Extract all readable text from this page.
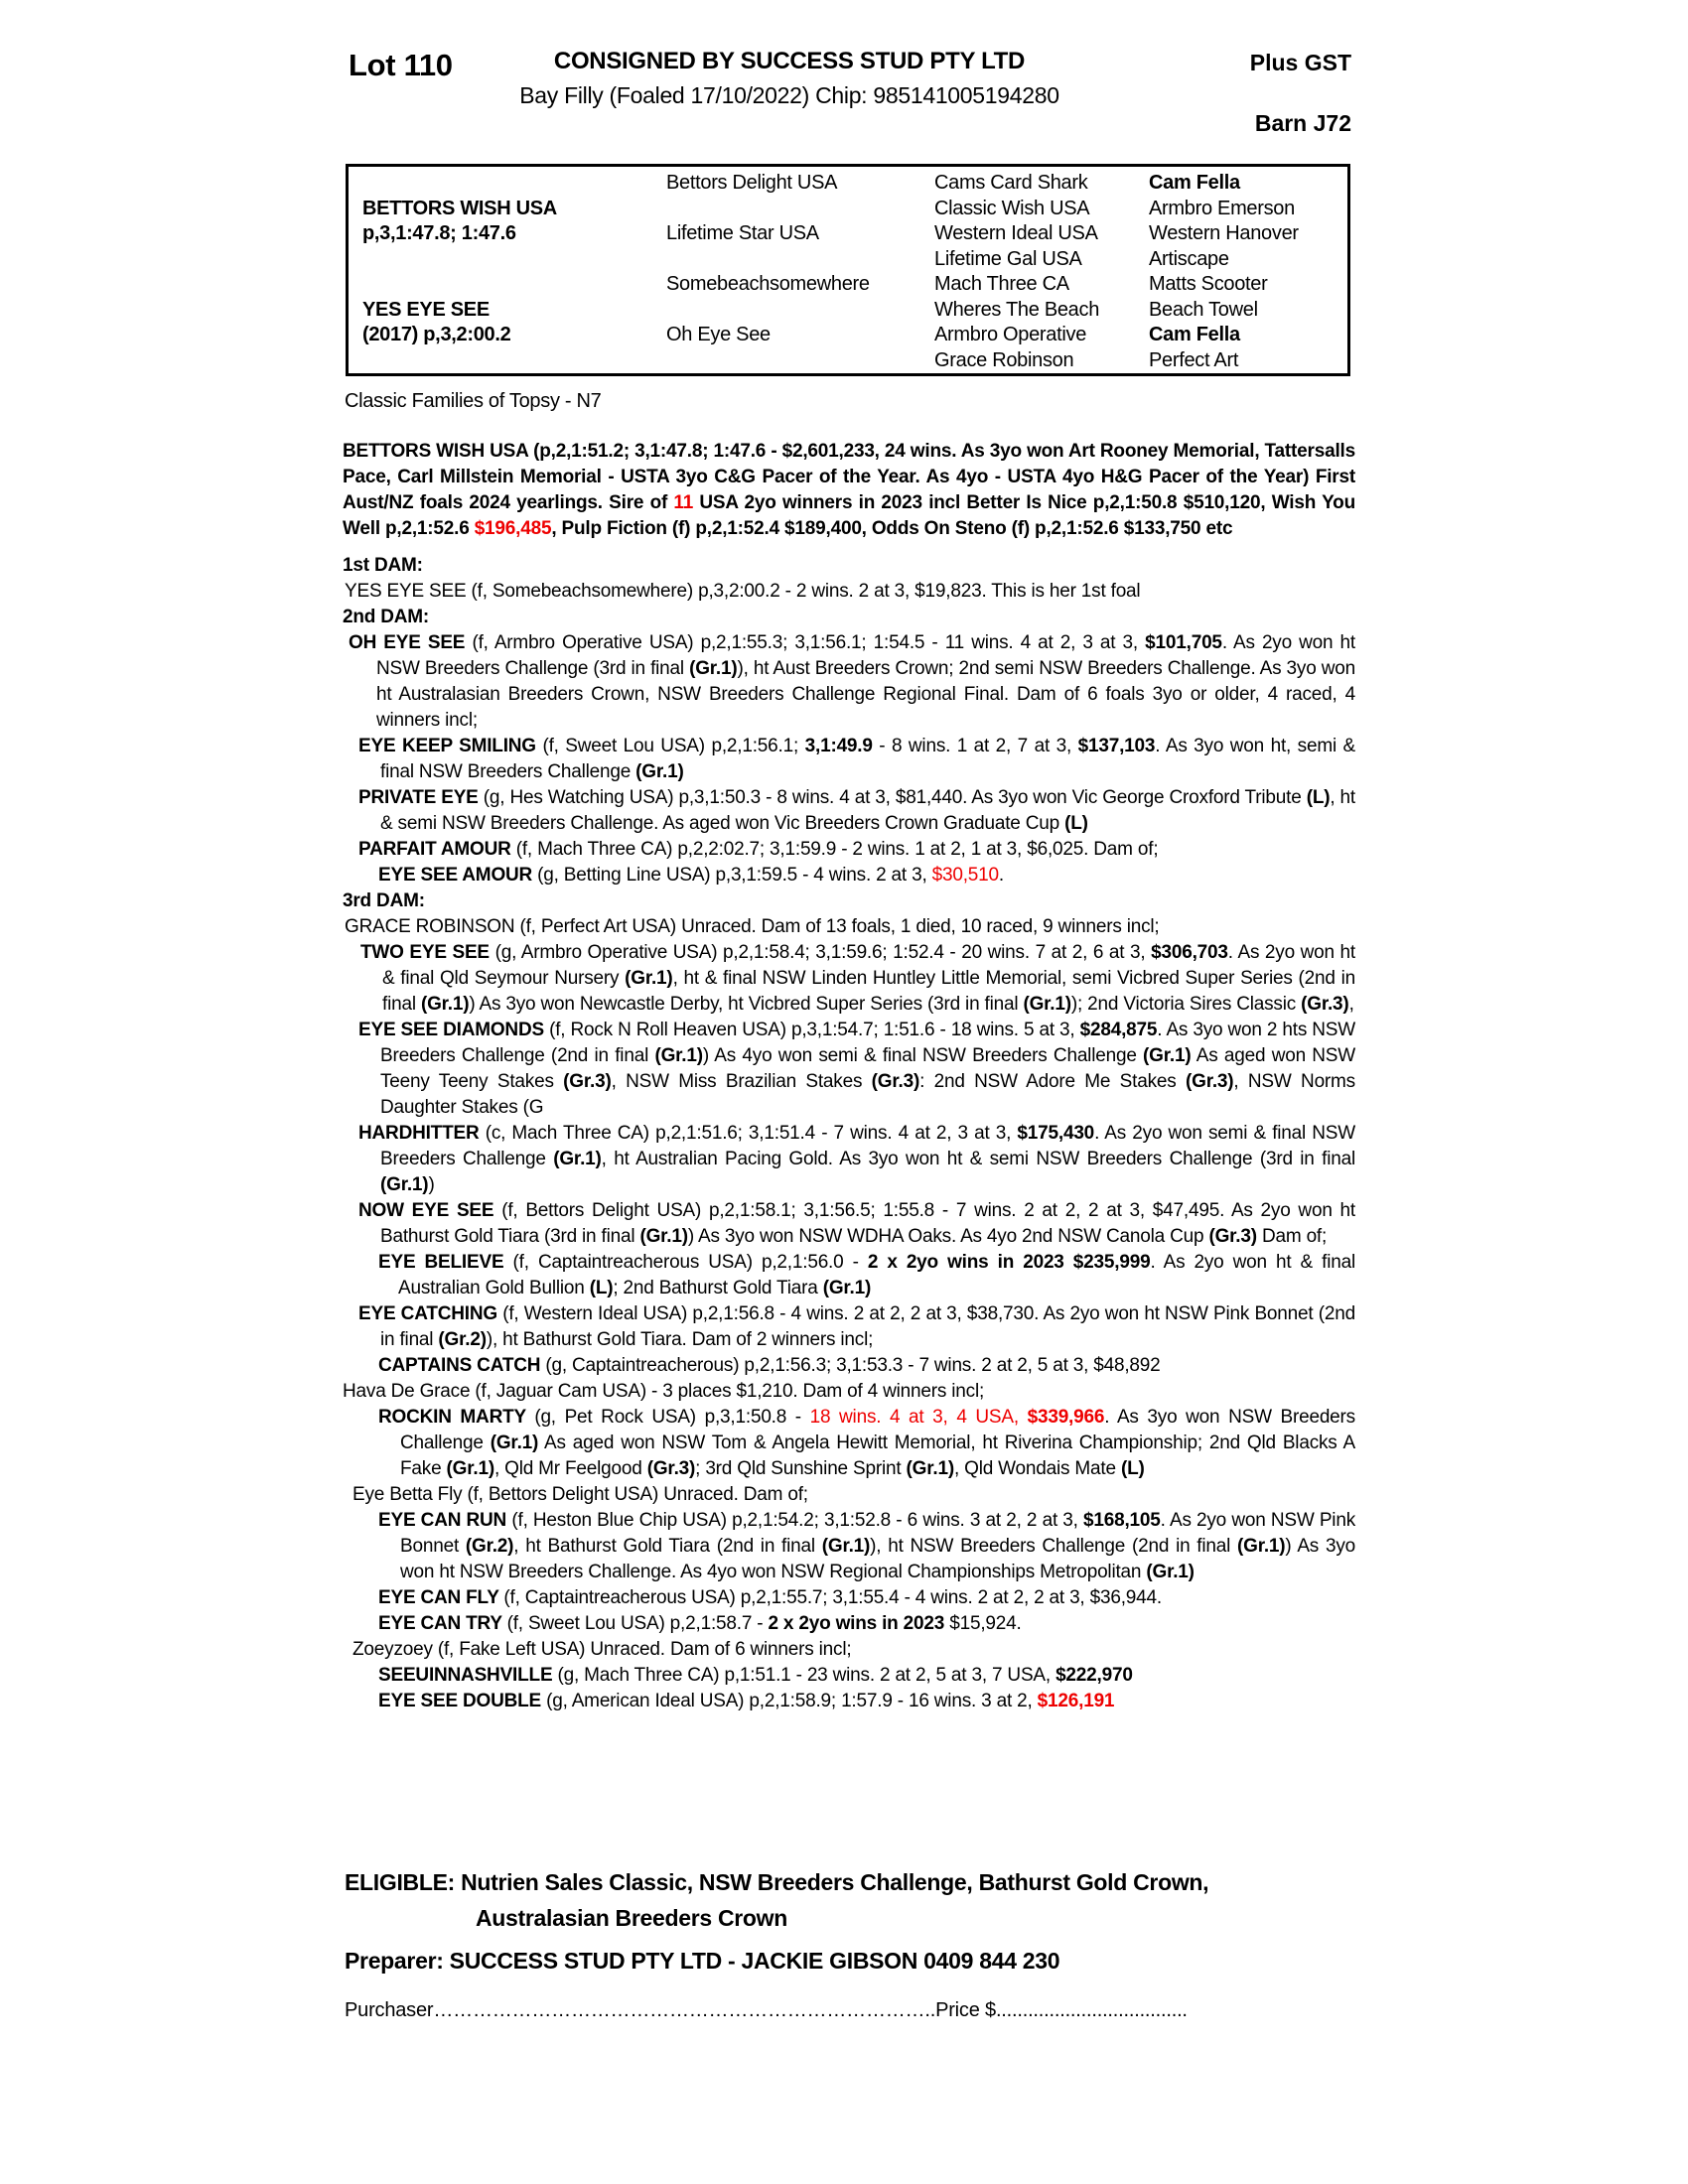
Lot 110	CONSIGNED BY SUCCESS STUD PTY LTD
Bay Filly (Foaled 17/10/2022) Chip: 985141005194280
Plus GST
Barn J72
BETTORS WISH USA
p,3,1:47.8; 1:47.6
YES EYE SEE
(2017) p,3,2:00.2
Bettors Delight USA
Lifetime Star USA
Somebeachsomewhere
Oh Eye See
Cams Card Shark
Classic Wish USA
Western Ideal USA
Lifetime Gal USA
Mach Three CA
Wheres The Beach
Armbro Operative
Grace Robinson
Cam Fella
Armbro Emerson
Western Hanover
Artiscape
Matts Scooter
Beach Towel
Cam Fella
Perfect Art
Classic Families of Topsy - N7
BETTORS WISH USA (p,2,1:51.2; 3,1:47.8; 1:47.6 - $2,601,233, 24 wins. As 3yo won Art Rooney Memorial, Tattersalls Pace, Carl Millstein Memorial - USTA 3yo C&G Pacer of the Year. As 4yo - USTA 4yo H&G Pacer of the Year) First Aust/NZ foals 2024 yearlings. Sire of 11 USA 2yo winners in 2023 incl Better Is Nice p,2,1:50.8 $510,120, Wish You Well p,2,1:52.6 $196,485, Pulp Fiction (f) p,2,1:52.4 $189,400, Odds On Steno (f) p,2,1:52.6 $133,750 etc
1st DAM:
YES EYE SEE (f, Somebeachsomewhere) p,3,2:00.2 - 2 wins. 2 at 3, $19,823. This is her 1st foal
2nd DAM:
OH EYE SEE (f, Armbro Operative USA) p,2,1:55.3; 3,1:56.1; 1:54.5 - 11 wins. 4 at 2, 3 at 3, $101,705. As 2yo won ht NSW Breeders Challenge (3rd in final (Gr.1)), ht Aust Breeders Crown; 2nd semi NSW Breeders Challenge. As 3yo won ht Australasian Breeders Crown, NSW Breeders Challenge Regional Final. Dam of 6 foals 3yo or older, 4 raced, 4 winners incl;
EYE KEEP SMILING (f, Sweet Lou USA) p,2,1:56.1; 3,1:49.9 - 8 wins. 1 at 2, 7 at 3, $137,103. As 3yo won ht, semi & final NSW Breeders Challenge (Gr.1)
PRIVATE EYE (g, Hes Watching USA) p,3,1:50.3 - 8 wins. 4 at 3, $81,440. As 3yo won Vic George Croxford Tribute (L), ht & semi NSW Breeders Challenge. As aged won Vic Breeders Crown Graduate Cup (L)
PARFAIT AMOUR (f, Mach Three CA) p,2,2:02.7; 3,1:59.9 - 2 wins. 1 at 2, 1 at 3, $6,025. Dam of;
EYE SEE AMOUR (g, Betting Line USA) p,3,1:59.5 - 4 wins. 2 at 3, $30,510.
3rd DAM:
GRACE ROBINSON (f, Perfect Art USA) Unraced. Dam of 13 foals, 1 died, 10 raced, 9 winners incl;
TWO EYE SEE (g, Armbro Operative USA) p,2,1:58.4; 3,1:59.6; 1:52.4 - 20 wins. 7 at 2, 6 at 3, $306,703. As 2yo won ht & final Qld Seymour Nursery (Gr.1), ht & final NSW Linden Huntley Little Memorial, semi Vicbred Super Series (2nd in final (Gr.1)) As 3yo won Newcastle Derby, ht Vicbred Super Series (3rd in final (Gr.1)); 2nd Victoria Sires Classic (Gr.3),
EYE SEE DIAMONDS (f, Rock N Roll Heaven USA) p,3,1:54.7; 1:51.6 - 18 wins. 5 at 3, $284,875. As 3yo won 2 hts NSW Breeders Challenge (2nd in final (Gr.1)) As 4yo won semi & final NSW Breeders Challenge (Gr.1) As aged won NSW Teeny Teeny Stakes (Gr.3), NSW Miss Brazilian Stakes (Gr.3): 2nd NSW Adore Me Stakes (Gr.3), NSW Norms Daughter Stakes (G
HARDHITTER (c, Mach Three CA) p,2,1:51.6; 3,1:51.4 - 7 wins. 4 at 2, 3 at 3, $175,430. As 2yo won semi & final NSW Breeders Challenge (Gr.1), ht Australian Pacing Gold. As 3yo won ht & semi NSW Breeders Challenge (3rd in final (Gr.1))
NOW EYE SEE (f, Bettors Delight USA) p,2,1:58.1; 3,1:56.5; 1:55.8 - 7 wins. 2 at 2, 2 at 3, $47,495. As 2yo won ht Bathurst Gold Tiara (3rd in final (Gr.1)) As 3yo won NSW WDHA Oaks. As 4yo 2nd NSW Canola Cup (Gr.3) Dam of;
EYE BELIEVE (f, Captaintreacherous USA) p,2,1:56.0 - 2 x 2yo wins in 2023 $235,999. As 2yo won ht & final Australian Gold Bullion (L); 2nd Bathurst Gold Tiara (Gr.1)
EYE CATCHING (f, Western Ideal USA) p,2,1:56.8 - 4 wins. 2 at 2, 2 at 3, $38,730. As 2yo won ht NSW Pink Bonnet (2nd in final (Gr.2)), ht Bathurst Gold Tiara. Dam of 2 winners incl;
CAPTAINS CATCH (g, Captaintreacherous) p,2,1:56.3; 3,1:53.3 - 7 wins. 2 at 2, 5 at 3, $48,892
Hava De Grace (f, Jaguar Cam USA) - 3 places $1,210. Dam of 4 winners incl;
ROCKIN MARTY (g, Pet Rock USA) p,3,1:50.8 - 18 wins. 4 at 3, 4 USA, $339,966. As 3yo won NSW Breeders Challenge (Gr.1) As aged won NSW Tom & Angela Hewitt Memorial, ht Riverina Championship; 2nd Qld Blacks A Fake (Gr.1), Qld Mr Feelgood (Gr.3); 3rd Qld Sunshine Sprint (Gr.1), Qld Wondais Mate (L)
Eye Betta Fly (f, Bettors Delight USA) Unraced. Dam of;
EYE CAN RUN (f, Heston Blue Chip USA) p,2,1:54.2; 3,1:52.8 - 6 wins. 3 at 2, 2 at 3, $168,105. As 2yo won NSW Pink Bonnet (Gr.2), ht Bathurst Gold Tiara (2nd in final (Gr.1)), ht NSW Breeders Challenge (2nd in final (Gr.1)) As 3yo won ht NSW Breeders Challenge. As 4yo won NSW Regional Championships Metropolitan (Gr.1)
EYE CAN FLY (f, Captaintreacherous USA) p,2,1:55.7; 3,1:55.4 - 4 wins. 2 at 2, 2 at 3, $36,944.
EYE CAN TRY (f, Sweet Lou USA) p,2,1:58.7 - 2 x 2yo wins in 2023 $15,924.
Zoeyzoey (f, Fake Left USA) Unraced. Dam of 6 winners incl;
SEEUINNASHVILLE (g, Mach Three CA) p,1:51.1 - 23 wins. 2 at 2, 5 at 3, 7 USA, $222,970
EYE SEE DOUBLE (g, American Ideal USA) p,2,1:58.9; 1:57.9 - 16 wins. 3 at 2, $126,191
ELIGIBLE: Nutrien Sales Classic, NSW Breeders Challenge, Bathurst Gold Crown,
Australasian Breeders Crown
Preparer: SUCCESS STUD PTY LTD - JACKIE GIBSON 0409 844 230
Purchaser…………………………………………………………………..Price $....................................
